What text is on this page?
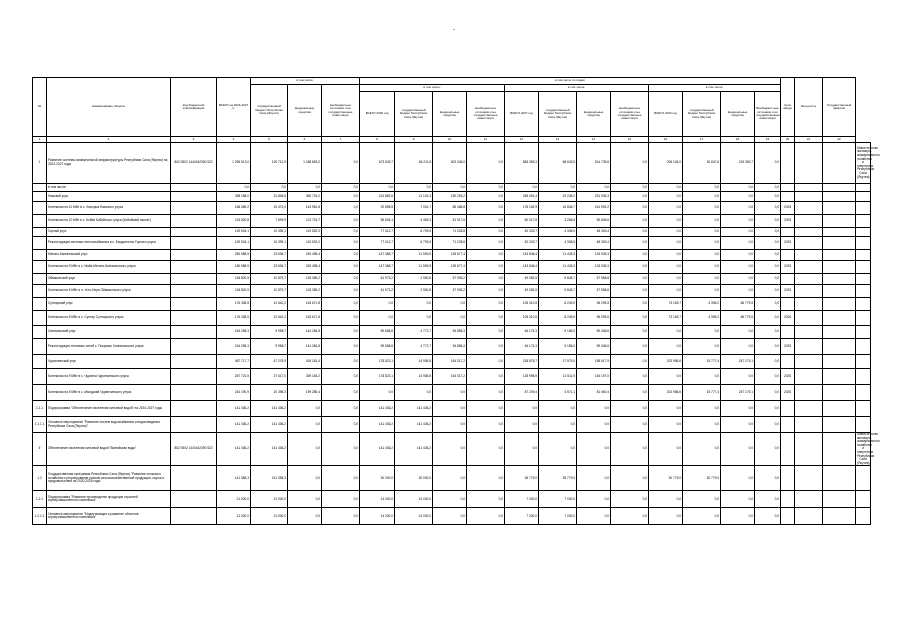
-
№	Наименование объекта	Код бюджетной классификации	ВСЕГО на 2024-2027 гг.	в том числе:			в том числе по годам:												Срок ввода	Мощ-ность	Государственный заказчик	
				государственный бюджет Республики Саха (Якутия)	федеральные средства	внебюджетные источники и не государственные инвестиции	в том числе:				в том числе:				в том числе:							
							ВСЕГО 2026 год	государственный бюджет Республики Саха (Якутия)	федеральные средства	внебюджетные источники и не государственные инвестиции	ВСЕГО 2027 год	государственный бюджет Республики Саха (Якутия)	федеральные средства	внебюджетные источники и не государственные инвестиции	ВСЕГО 2023 год	государственный бюджет Республики Саха (Якутия)	федеральные средства	Внебюджет-ные источники и не государственные инвестиции				

1	2	3	4	5	6	7	8	9	10	11	12	13	14	15	16	17	18	19	20	21	22	
1	Развитие системы коммунальной инфраструктуры Республики Саха (Якутия) на 2023-2027 годы	802 0502 1440442390 522	1 296 513,0	100 712,9	1 188 883,2	0,0	673 649,7	66 211,8	602 436,0	0,0	583 383,3	68 643,5	514 739,8	0,0	206 126,0	30 847,6	215 350,7	0,0				Министерство жилищно-коммунального хозяйства и энергетики Республики Саха (Якутия)
	в том числе:		0,0	0,0	0,0	0,0	0,0	0,0	0,0	0,0	0,0	0,0	0,0	0,0	0,0	0,0	0,0	0,0				
	Намский улус		398 188,0	31 848,6	360 724,0	0,0	161 882,6	11 124,3	150 253,2	0,0	248 491,4	19 248,2	231 905,3	0,0	0,0	0,0	0,0	0,0				
	Котельная на 10 МВт в с. Хатырык Намского улуса		168 489,2	24 473,0	143 981,8	0,0	92 898,5	7 001,7	85 486,8	0,0	178 182,9	16 846,7	161 992,2	0,0	0,0	0,0	0,0	0,0	2025			
	Котельная на 10 МВт в с. Кобяй Кобяйского улуса (Кобяйский наслег)		115 620,8	7 899,9	113 715,7	0,0	55 606,1	4 469,3	51 917,6	0,0	60 017,8	3 286,5	59 846,6	0,0	0,0	0,0	0,0	0,0	2025			
	Горный улус		129 904,1	10 395,1	119 532,0	0,0	77 412,7	6 793,9	71 228,8	0,0	52 303,7	4 308,5	48 303,4	0,0	0,0	0,0	0,0	0,0				
	Реконструкция системы теплоснабжения в с. Бердигестях Горного улуса		129 904,1	10 395,1	119 532,0	0,0	77 412,7	6 793,9	71 228,8	0,0	52 303,7	4 308,5	48 303,4	0,0	0,0	0,0	0,0	0,0	2025			
	Мегино-Кангаласский улус		250 988,9	23 636,7	249 498,4	0,0	147 368,7	11 559,5	135 677,4	0,0	143 848,4	11 445,3	133 935,3	0,0	0,0	0,0	0,0	0,0				
	Котельная на 9 МВт в с. Майя Мегино-Кангаласского улуса		180 988,9	23 636,7	249 498,4	0,0	147 368,7	11 559,5	135 677,4	0,0	143 848,4	11 445,3	133 935,3	0,0	0,0	0,0	0,0	0,0	2025			
	Оймяконский улус		118 820,9	10 879,7	118 355,2	0,0	61 973,2	2 950,8	57 905,2	0,0	49 082,5	5 845,7	57 968,8	0,0	0,0	0,0	0,0	0,0				
	Котельная на 6 МВт в п. Усть-Нера Оймяконского улуса		118 820,9	10 879,7	118 355,2	0,0	61 973,2	2 950,8	57 905,2	0,0	49 082,5	5 845,7	57 968,8	0,0	0,0	0,0	0,0	0,0	2025			
	Сунтарский улус		176 338,5	12 642,2	163 671,8	0,0	0,0	0,0	0,0	0,0	105 310,5	8 245,9	96 295,5	0,0	73 169,7	4 396,2	66 779,5	0,0				
	Котельная на 8 МВт в с. Сунтар Сунтарского улуса		176 338,5	12 642,2	163 671,8	0,0	0,0	0,0	0,0	0,0	105 310,5	8 245,9	96 295,5	0,0	73 169,7	4 396,2	66 779,5	0,0	2026			
	Хангаласский улус		154 298,3	9 958,7	144 284,8	0,0	59 658,8	4 772,7	54 886,3	0,0	64 174,3	5 186,0	59 406,6	0,0	0,0	0,0	0,0	0,0				
	Реконструкция тепловых сетей с. Покровск Хангаласского улуса		154 298,3	9 958,7	144 284,8	0,0	59 658,8	4 772,7	54 886,3	0,0	64 174,3	5 186,0	59 406,6	0,0	0,0	0,0	0,0	0,0	2025			
	Чурапчинский улус		487 717,7	47 278,9	418 181,4	0,0	178 823,1	14 985,8	164 317,2	0,0	218 878,7	17 579,0	198 617,9	0,0	202 986,6	15 777,4	247 179,1	0,0				
	Котельная на 9 МВт в с. Чурапча Чурапчинского улуса		287 722,8	27 617,0	339 184,2	0,0	178 823,1	14 985,8	164 317,2	0,0	128 998,9	12 511,9	146 197,0	0,0	0,0	0,0	0,0	0,0	2025			
	Котельная на 5 МВт в с. Мындагай Чурапчинского улуса		243 190,9	20 398,3	199 285,4	0,0	0,0	0,0	0,0	0,0	87 209,4	4 571,1	81 660,4	0,0	202 986,6	15 777,4	247 179,1	0,0	2025			
1.1.1	Подпрограмма "Обеспечение населения питьевой водой" на 2024-2027 годы		141 436,2	141 436,2	0,0	0,0	141 436,2	141 436,2	0,0	0,0	0,0	0,0	0,0	0,0	0,0	0,0	0,0	0,0				
1.1.1.1	Основное мероприятие "Развитие систем водоснабжения и водоотведения Республики Саха (Якутия)"		141 436,2	141 436,2	0,0	0,0	141 436,2	141 436,2	0,0	0,0	0,0	0,0	0,0	0,0	0,0	0,0	0,0	0,0				
II	Обеспечение населения питьевой водой "Вилюйская вода"	802 0502 1440442390 522	141 436,2	141 436,2	0,0	0,0	141 436,2	141 436,2	0,0	0,0	0,0	0,0	0,0	0,0	0,0	0,0	0,0	0,0				Министерство жилищно-коммунального хозяйства и энергетики Республики Саха (Якутия)
1.2	Государственная программа Республики Саха (Якутия) "Развитие сельского хозяйства и регулирование рынков сельскохозяйственной продукции, сырья и продовольствия на 2020-2026 годы"		141 358,3	141 358,3	0,0	0,0	30 000,0	30 000,0	0,0	0,0	35 779,0	35 779,0	0,0	0,0	30 779,0	30 779,0	0,0	0,0				
1.2.1	Подпрограмма "Развитие производства продукции отраслей агропромышленного комплекса"		21 000,0	21 000,0	0,0	0,0	14 000,0	14 000,0	0,0	0,0	7 000,0	7 000,0	0,0	0,0	0,0	0,0	0,0	0,0				
1.2.1.1	Основное мероприятие "Модернизация и развитие объектов агропромышленного комплекса"		21 000,0	21 000,0	0,0	0,0	14 000,0	14 000,0	0,0	0,0	7 000,0	7 000,0	0,0	0,0	0,0	0,0	0,0	0,0				
